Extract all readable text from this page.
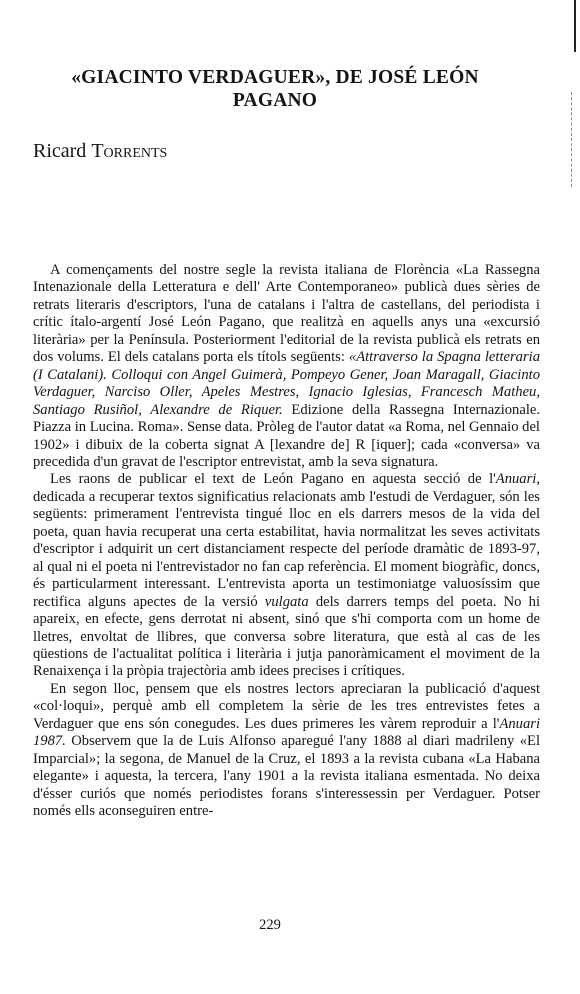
«GIACINTO VERDAGUER», DE JOSÉ LEÓN PAGANO

Ricard Torrents

A començaments del nostre segle la revista italiana de Florència «La Rassegna Intenazionale della Letteratura e dell' Arte Contemporaneo» publicà dues sèries de retrats literaris d'escriptors, l'una de catalans i l'altra de castellans, del periodista i crític ítalo-argentí José León Pagano, que realitzà en aquells anys una «excursió literària» per la Península. Posteriorment l'editorial de la revista publicà els retrats en dos volums. El dels catalans porta els títols següents: «Attraverso la Spagna letteraria (I Catalani). Colloqui con Angel Guimerà, Pompeyo Gener, Joan Maragall, Giacinto Verdaguer, Narciso Oller, Apeles Mestres, Ignacio Iglesias, Francesch Matheu, Santiago Rusiñol, Alexandre de Riquer. Edizione della Rassegna Internazionale. Piazza in Lucina. Roma». Sense data. Pròleg de l'autor datat «a Roma, nel Gennaio del 1902» i dibuix de la coberta signat A [lexandre de] R [iquer]; cada «conversa» va precedida d'un gravat de l'escriptor entrevistat, amb la seva signatura.

Les raons de publicar el text de León Pagano en aquesta secció de l'Anuari, dedicada a recuperar textos significatius relacionats amb l'estudi de Verdaguer, són les següents: primerament l'entrevista tingué lloc en els darrers mesos de la vida del poeta, quan havia recuperat una certa estabilitat, havia normalitzat les seves activitats d'escriptor i adquirit un cert distanciament respecte del període dramàtic de 1893-97, al qual ni el poeta ni l'entrevistador no fan cap referència. El moment biogràfic, doncs, és particularment interessant. L'entrevista aporta un testimoniatge valuosíssim que rectifica alguns apectes de la versió vulgata dels darrers temps del poeta. No hi apareix, en efecte, gens derrotat ni absent, sinó que s'hi comporta com un home de lletres, envoltat de llibres, que conversa sobre literatura, que està al cas de les qüestions de l'actualitat política i literària i jutja panoràmicament el moviment de la Renaixença i la pròpia trajectòria amb idees precises i crítiques.

En segon lloc, pensem que els nostres lectors apreciaran la publicació d'aquest «col·loqui», perquè amb ell completem la sèrie de les tres entrevistes fetes a Verdaguer que ens són conegudes. Les dues primeres les vàrem reproduir a l'Anuari 1987. Observem que la de Luis Alfonso aparegué l'any 1888 al diari madrileny «El Imparcial»; la segona, de Manuel de la Cruz, el 1893 a la revista cubana «La Habana elegante» i aquesta, la tercera, l'any 1901 a la revista italiana esmentada. No deixa d'ésser curiós que només periodistes forans s'interessessin per Verdaguer. Potser només ells aconseguiren entre-

229
